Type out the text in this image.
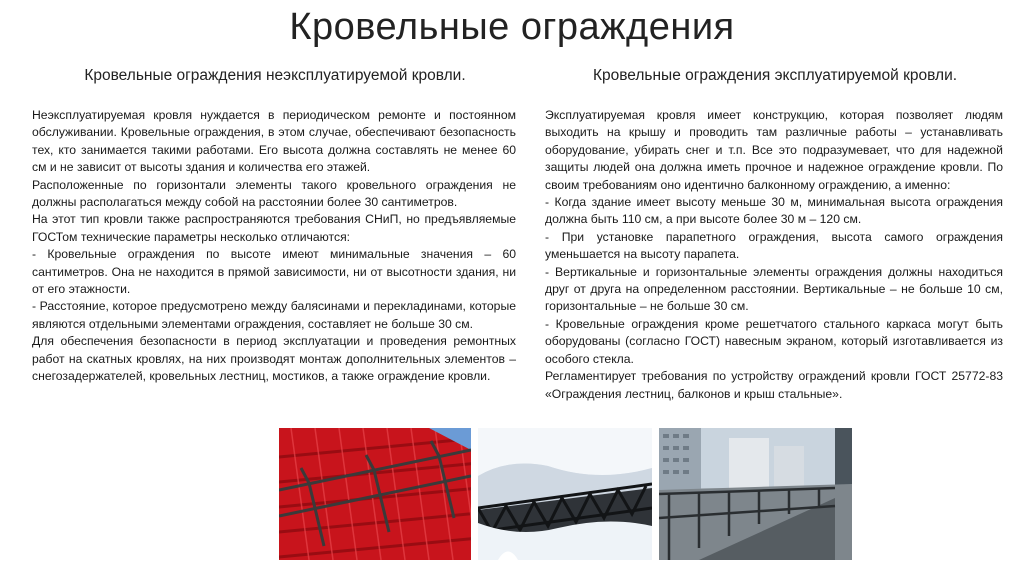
Кровельные ограждения
Кровельные ограждения неэксплуатируемой кровли.	Кровельные ограждения эксплуатируемой кровли.

Неэксплуатируемая кровля нуждается в периодическом ремонте и постоянном обслуживании. Кровельные ограждения, в этом случае, обеспечивают безопасность тех, кто занимается такими работами. Его высота должна составлять не менее 60 см и не зависит от высоты здания и количества его этажей.

Расположенные по горизонтали элементы такого кровельного ограждения не должны располагаться между собой на расстоянии более 30 сантиметров.

На этот тип кровли также распространяются требования СНиП, но предъявляемые ГОСТом технические параметры несколько отличаются:

- Кровельные ограждения по высоте имеют минимальные значения – 60 сантиметров. Она не находится в прямой зависимости, ни от высотности здания, ни от его этажности.

- Расстояние, которое предусмотрено между балясинами и перекладинами, которые являются отдельными элементами ограждения, составляет не больше 30 см.

Для обеспечения безопасности в период эксплуатации и проведения ремонтных работ на скатных кровлях, на них производят монтаж дополнительных элементов – снегозадержателей, кровельных лестниц, мостиков, а также ограждение кровли.

Эксплуатируемая кровля имеет конструкцию, которая позволяет людям выходить на крышу и проводить там различные работы – устанавливать оборудование, убирать снег и т.п. Все это подразумевает, что для надежной защиты людей она должна иметь прочное и надежное ограждение кровли. По своим требованиям оно идентично балконному ограждению, а именно:

- Когда здание имеет высоту меньше 30 м, минимальная высота ограждения должна быть 110 см, а при высоте более 30 м – 120 см.

- При установке парапетного ограждения, высота самого ограждения уменьшается на высоту парапета.

- Вертикальные и горизонтальные элементы ограждения должны находиться друг от друга на определенном расстоянии. Вертикальные – не больше 10 см, горизонтальные – не больше 30 см.

- Кровельные ограждения кроме решетчатого стального каркаса могут быть оборудованы (согласно ГОСТ) навесным экраном, который изготавливается из особого стекла.

Регламентирует требования по устройству ограждений кровли ГОСТ 25772-83 «Ограждения лестниц, балконов и крыш стальные».
